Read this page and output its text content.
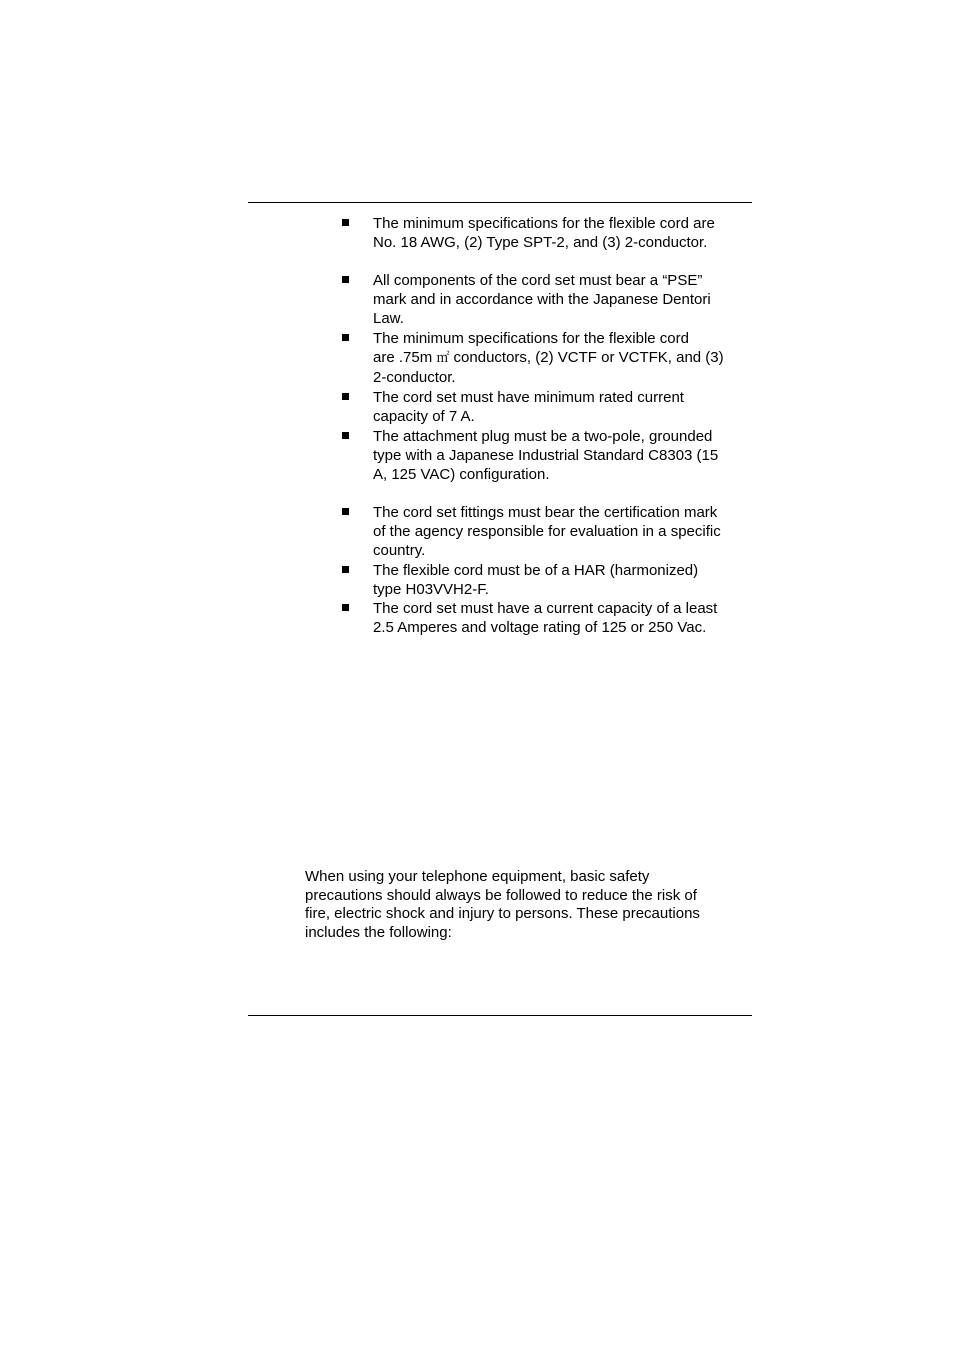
The minimum specifications for the flexible cord are
No. 18 AWG, (2) Type SPT-2, and (3) 2-conductor.
All components of the cord set must bear a “PSE”
mark and in accordance with the Japanese Dentori
Law.
The minimum specifications for the flexible cord
are .75m ㎡ conductors, (2) VCTF or VCTFK, and (3)
2-conductor.
The cord set must have minimum rated current
capacity of 7 A.
The attachment plug must be a two-pole, grounded
type with a Japanese Industrial Standard C8303 (15
A, 125 VAC) configuration.
The cord set fittings must bear the certification mark
of the agency responsible for evaluation in a specific
country.
The flexible cord must be of a HAR (harmonized)
type H03VVH2-F.
The cord set must have a current capacity of a least
2.5 Amperes and voltage rating of 125 or 250 Vac.
When using your telephone equipment, basic safety
precautions should always be followed to reduce the risk of
fire, electric shock and injury to persons. These precautions
includes the following:
